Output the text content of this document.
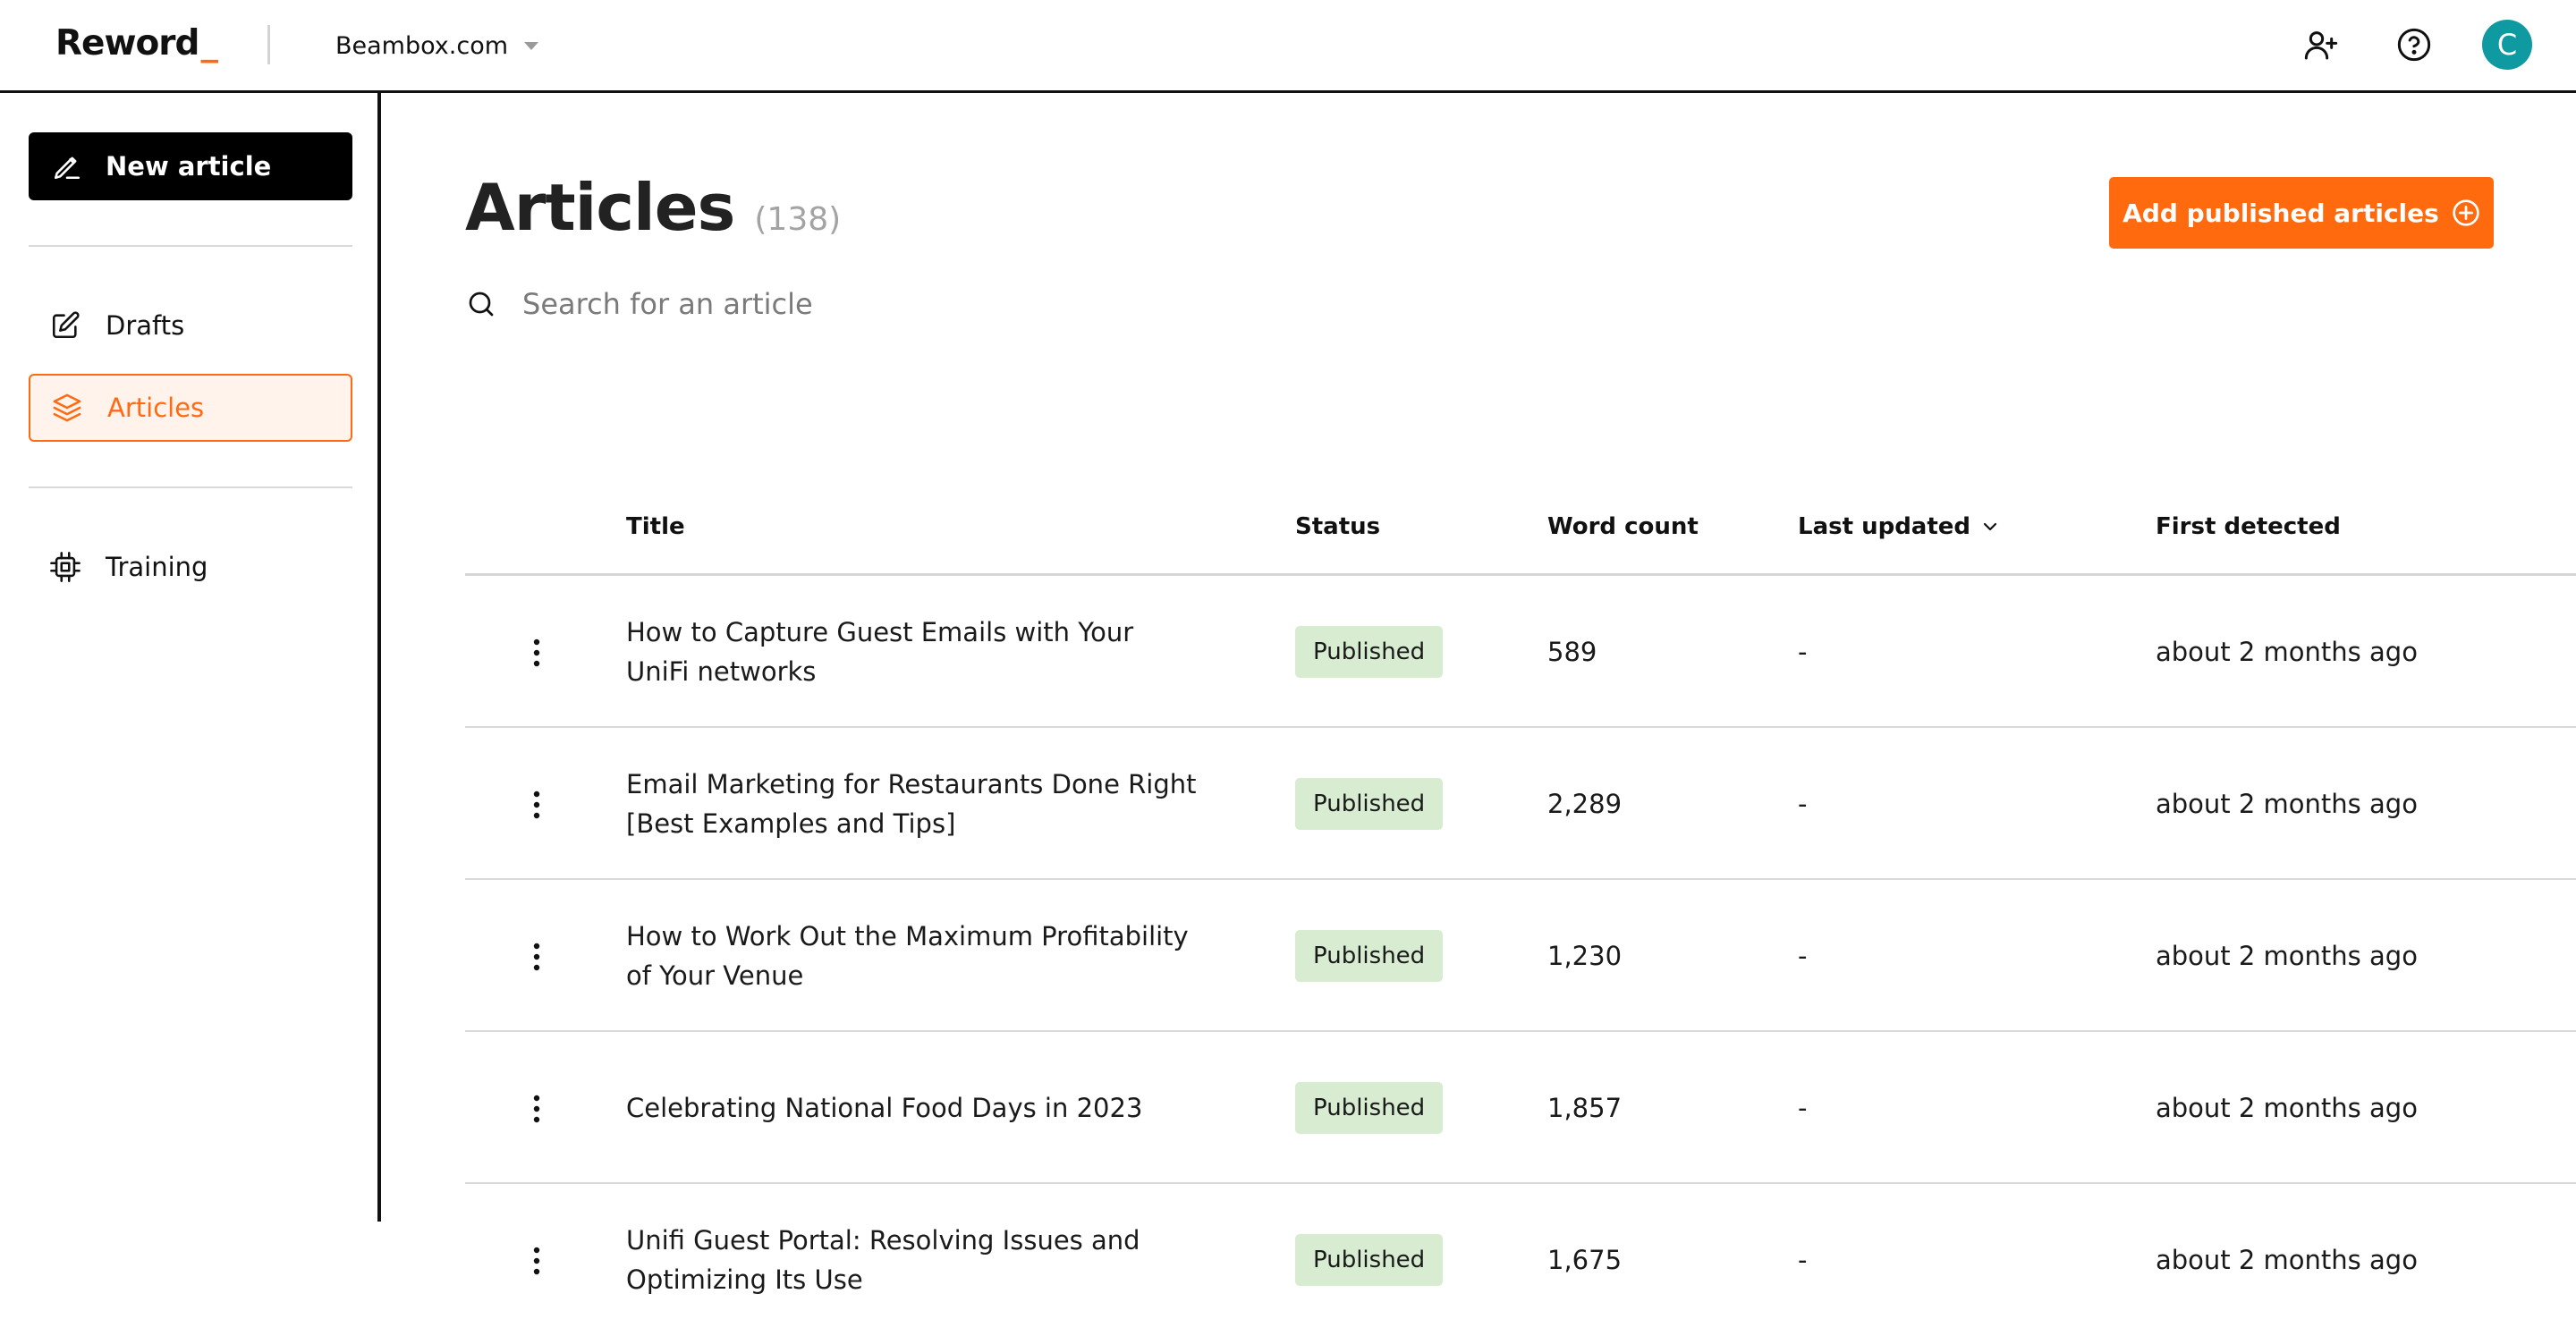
Reword_	Beambox.com	C
New article
Drafts
Articles
Training
Articles (138)	Add published articles
Search for an article
Title	Status	Word count	Last updated	First detected
How to Capture Guest Emails with Your UniFi networks
Published	589	-	about 2 months ago
Email Marketing for Restaurants Done Right [Best Examples and Tips]
Published	2,289	-	about 2 months ago
How to Work Out the Maximum Profitability of Your Venue
Published	1,230	-	about 2 months ago
Celebrating National Food Days in 2023	Published	1,857	-	about 2 months ago
Unifi Guest Portal: Resolving Issues and Optimizing Its Use
Published	1,675	-	about 2 months ago
